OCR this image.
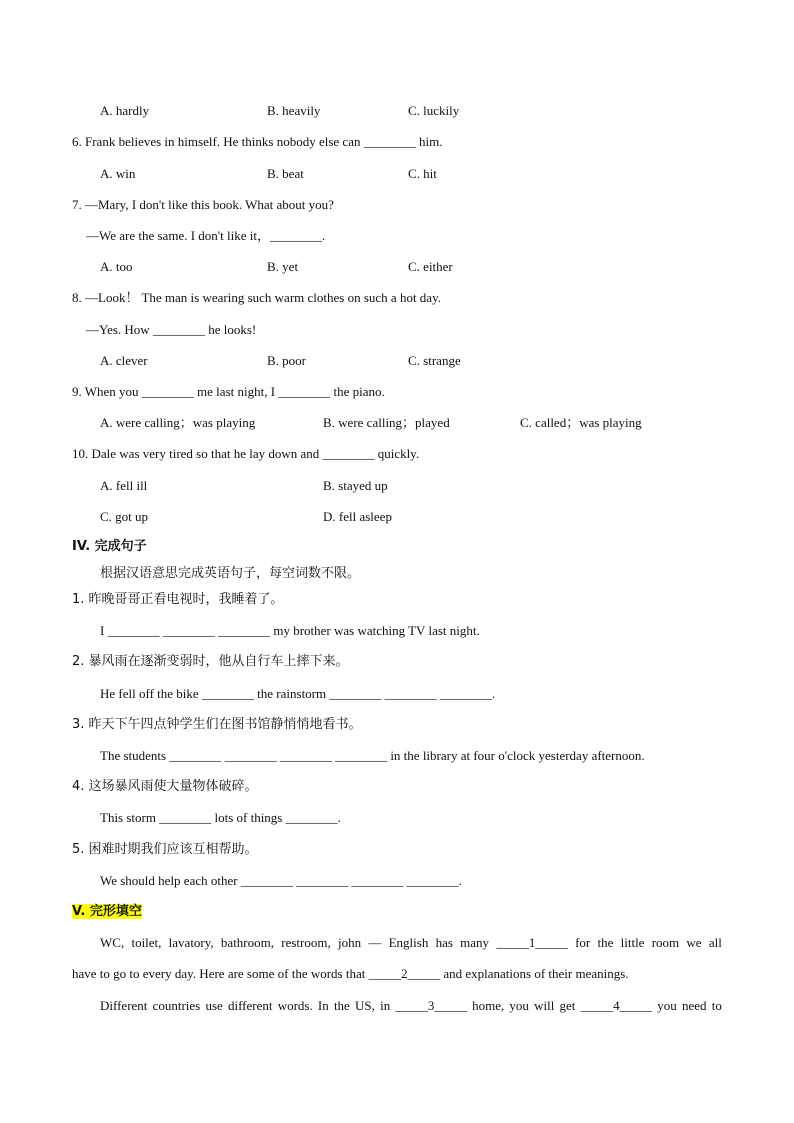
A. hardly	B. heavily	C. luckily
6. Frank believes in himself. He thinks nobody else can ________ him.
A. win	B. beat	C. hit
7. —Mary, I don't like this book. What about you?
—We are the same. I don't like it，________.
A. too	B. yet	C. either
8. —Look！ The man is wearing such warm clothes on such a hot day.
—Yes. How ________ he looks!
A. clever	B. poor	C. strange
9. When you ________ me last night, I ________ the piano.
A. were calling；was playing	B. were calling；played	C. called；was playing
10. Dale was very tired so that he lay down and ________ quickly.
A. fell ill	B. stayed up
C. got up	D. fell asleep
IV. 完成句子
根据汉语意思完成英语句子，每空词数不限。
1. 昨晚哥哥正看电视时，我睡着了。
I ________ ________ ________ my brother was watching TV last night.
2. 暴风雨在逐渐变弱时，他从自行车上摔下来。
He fell off the bike ________ the rainstorm ________ ________ ________.
3. 昨天下午四点钟学生们在图书馆静悄悄地看书。
The students ________ ________ ________ ________ in the library at four o'clock yesterday afternoon.
4. 这场暴风雨使大量物体破碎。
This storm ________ lots of things ________.
5. 困难时期我们应该互相帮助。
We should help each other ________ ________ ________ ________.
V. 完形填空
WC, toilet, lavatory, bathroom, restroom, john — English has many _____1_____ for the little room we all
have to go to every day. Here are some of the words that _____2_____ and explanations of their meanings.
Different countries use different words. In the US, in _____3_____ home, you will get _____4_____ you need to
